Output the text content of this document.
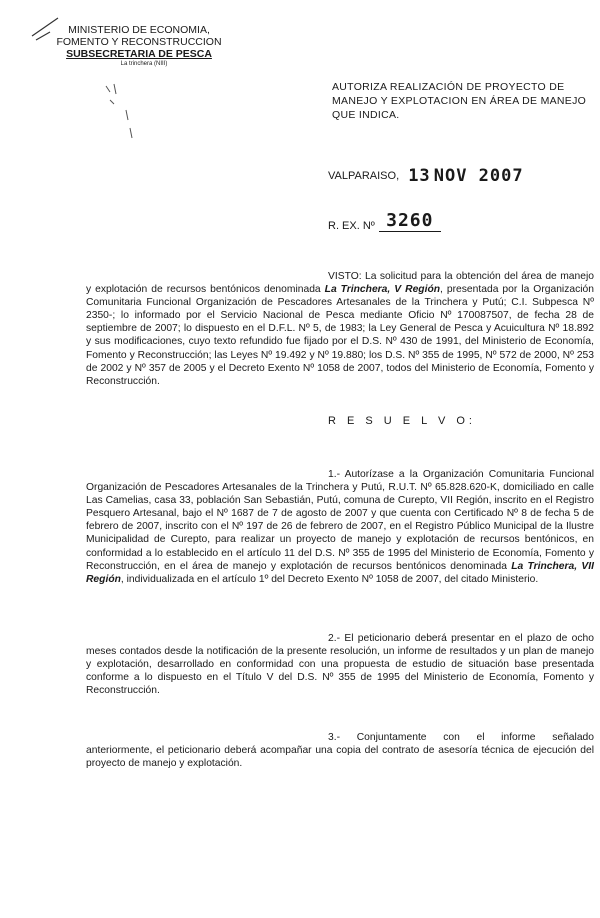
MINISTERIO DE ECONOMIA,
FOMENTO Y RECONSTRUCCION
SUBSECRETARIA DE PESCA
La trinchera (NIII)
AUTORIZA REALIZACIÓN DE PROYECTO DE MANEJO Y EXPLOTACION EN ÁREA DE MANEJO QUE INDICA.
VALPARAISO, 13 NOV 2007
R. EX. Nº 3260
VISTO: La solicitud para la obtención del área de manejo y explotación de recursos bentónicos denominada La Trinchera, V Región, presentada por la Organización Comunitaria Funcional Organización de Pescadores Artesanales de la Trinchera y Putú; C.I. Subpesca Nº 2350-; lo informado por el Servicio Nacional de Pesca mediante Oficio Nº 170087507, de fecha 28 de septiembre de 2007; lo dispuesto en el D.F.L. Nº 5, de 1983; la Ley General de Pesca y Acuicultura Nº 18.892 y sus modificaciones, cuyo texto refundido fue fijado por el D.S. Nº 430 de 1991, del Ministerio de Economía, Fomento y Reconstrucción; las Leyes Nº 19.492 y Nº 19.880; los D.S. Nº 355 de 1995, Nº 572 de 2000, Nº 253 de 2002 y Nº 357 de 2005 y el Decreto Exento Nº 1058 de 2007, todos del Ministerio de Economía, Fomento y Reconstrucción.
R E S U E L V O:
1.- Autorízase a la Organización Comunitaria Funcional Organización de Pescadores Artesanales de la Trinchera y Putú, R.U.T. Nº 65.828.620-K, domiciliado en calle Las Camelias, casa 33, población San Sebastián, Putú, comuna de Curepto, VII Región, inscrito en el Registro Pesquero Artesanal, bajo el Nº 1687 de 7 de agosto de 2007 y que cuenta con Certificado Nº 8 de fecha 5 de febrero de 2007, inscrito con el Nº 197 de 26 de febrero de 2007, en el Registro Público Municipal de la Ilustre Municipalidad de Curepto, para realizar un proyecto de manejo y explotación de recursos bentónicos, en conformidad a lo establecido en el artículo 11 del D.S. Nº 355 de 1995 del Ministerio de Economía, Fomento y Reconstrucción, en el área de manejo y explotación de recursos bentónicos denominada La Trinchera, VII Región, individualizada en el artículo 1º del Decreto Exento Nº 1058 de 2007, del citado Ministerio.
2.- El peticionario deberá presentar en el plazo de ocho meses contados desde la notificación de la presente resolución, un informe de resultados y un plan de manejo y explotación, desarrollado en conformidad con una propuesta de estudio de situación base presentada conforme a lo dispuesto en el Título V del D.S. Nº 355 de 1995 del Ministerio de Economía, Fomento y Reconstrucción.
3.- Conjuntamente con el informe señalado anteriormente, el peticionario deberá acompañar una copia del contrato de asesoría técnica de ejecución del proyecto de manejo y explotación.
